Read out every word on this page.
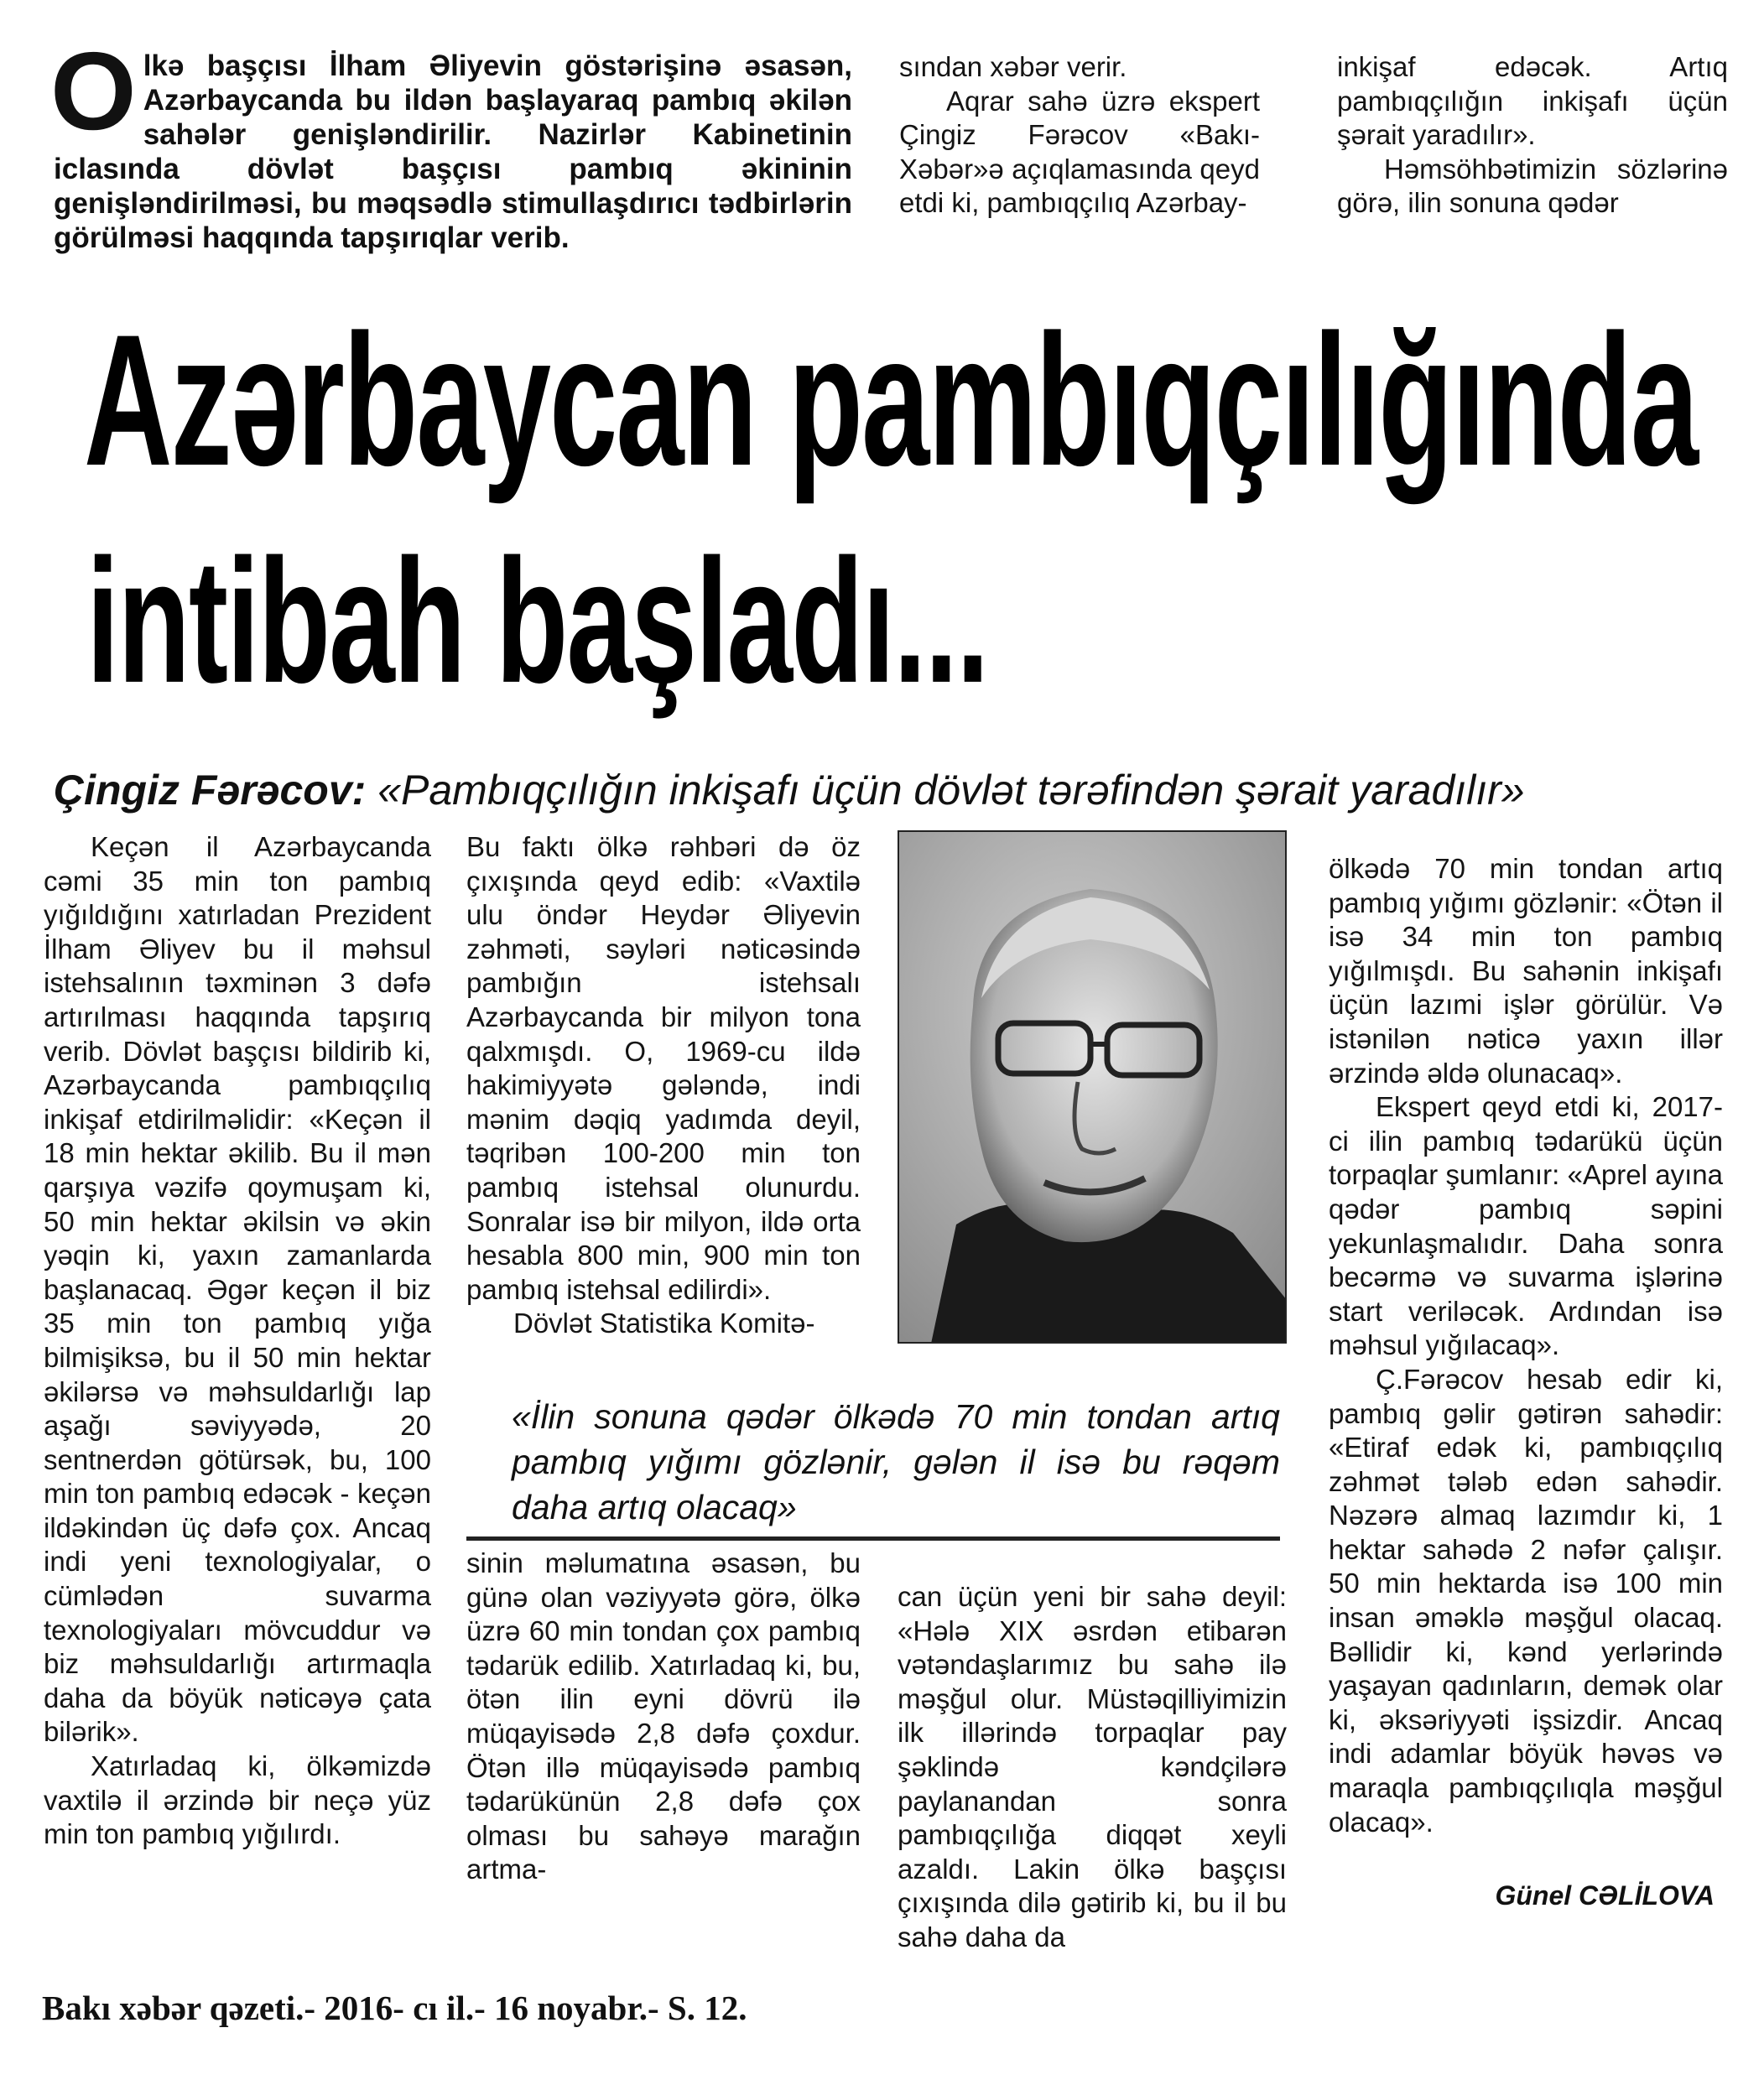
Olkə başçısı İlham Əliyevin göstərişinə əsasən, Azərbaycanda bu ildən başlayaraq pambıq əkilən sahələr genişləndirilir. Nazirlər Kabinetinin iclasında dövlət başçısı pambıq əkininin genişləndirilməsi, bu məqsədlə stimullaşdırıcı tədbirlərin görülməsi haqqında tapşırıqlar verib.

sından xəbər verir.

Aqrar sahə üzrə ekspert Çingiz Fərəcov «Bakı-Xəbər»ə açıqlamasında qeyd etdi ki, pambıqçılıq Azərbay-

inkişaf edəcək. Artıq pambıqçılığın inkişafı üçün şərait yaradılır».

Həmsöhbətimizin sözlərinə görə, ilin sonuna qədər

Azərbaycan pambıqçılığında
intibah başladı...
Çingiz Fərəcov: «Pambıqçılığın inkişafı üçün dövlət tərəfindən şərait yaradılır»

Keçən il Azərbaycanda cəmi 35 min ton pambıq yığıldığını xatırladan Prezident İlham Əliyev bu il məhsul istehsalının təxminən 3 dəfə artırılması haqqında tapşırıq verib. Dövlət başçısı bildirib ki, Azərbaycanda pambıqçılıq inkişaf etdirilməlidir: «Keçən il 18 min hektar əkilib. Bu il mən qarşıya vəzifə qoymuşam ki, 50 min hektar əkilsin və əkin yəqin ki, yaxın zamanlarda başlanacaq. Əgər keçən il biz 35 min ton pambıq yığa bilmişiksə, bu il 50 min hektar əkilərsə və məhsuldarlığı lap aşağı səviyyədə, 20 sentnerdən götürsək, bu, 100 min ton pambıq edəcək - keçən ildəkindən üç dəfə çox. Ancaq indi yeni texnologiyalar, o cümlədən suvarma texnologiyaları mövcuddur və biz məhsuldarlığı artırmaqla daha da böyük nəticəyə çata bilərik».

Xatırladaq ki, ölkəmizdə vaxtilə il ərzində bir neçə yüz min ton pambıq yığılırdı.

Bu faktı ölkə rəhbəri də öz çıxışında qeyd edib: «Vaxtilə ulu öndər Heydər Əliyevin zəhməti, səyləri nəticəsində pambığın istehsalı Azərbaycanda bir milyon tona qalxmışdı. O, 1969-cu ildə hakimiyyətə gələndə, indi mənim dəqiq yadımda deyil, təqribən 100-200 min ton pambıq istehsal olunurdu. Sonralar isə bir milyon, ildə orta hesabla 800 min, 900 min ton pambıq istehsal edilirdi».

Dövlət Statistika Komitə-

«İlin sonuna qədər ölkədə 70 min tondan artıq pambıq yığımı gözlənir, gələn il isə bu rəqəm daha artıq olacaq»

sinin məlumatına əsasən, bu günə olan vəziyyətə görə, ölkə üzrə 60 min tondan çox pambıq tədarük edilib. Xatırladaq ki, bu, ötən ilin eyni dövrü ilə müqayisədə 2,8 dəfə çoxdur. Ötən illə müqayisədə pambıq tədarükünün 2,8 dəfə çox olması bu sahəyə marağın artma-

can üçün yeni bir sahə deyil: «Hələ XIX əsrdən etibarən vətəndaşlarımız bu sahə ilə məşğul olur. Müstəqilliyimizin ilk illərində torpaqlar pay şəklində kəndçilərə paylanandan sonra pambıqçılığa diqqət xeyli azaldı. Lakin ölkə başçısı çıxışında dilə gətirib ki, bu il bu sahə daha da

ölkədə 70 min tondan artıq pambıq yığımı gözlənir: «Ötən il isə 34 min ton pambıq yığılmışdı. Bu sahənin inkişafı üçün lazımi işlər görülür. Və istənilən nəticə yaxın illər ərzində əldə olunacaq».

Ekspert qeyd etdi ki, 2017-ci ilin pambıq tədarükü üçün torpaqlar şumlanır: «Aprel ayına qədər pambıq səpini yekunlaşmalıdır. Daha sonra becərmə və suvarma işlərinə start veriləcək. Ardından isə məhsul yığılacaq».

Ç.Fərəcov hesab edir ki, pambıq gəlir gətirən sahədir: «Etiraf edək ki, pambıqçılıq zəhmət tələb edən sahədir. Nəzərə almaq lazımdır ki, 1 hektar sahədə 2 nəfər çalışır. 50 min hektarda isə 100 min insan əməklə məşğul olacaq. Bəllidir ki, kənd yerlərində yaşayan qadınların, demək olar ki, əksəriyyəti işsizdir. Ancaq indi adamlar böyük həvəs və maraqla pambıqçılıqla məşğul olacaq».

Günel CƏLİLOVA
Bakı xəbər qəzeti.- 2016- cı il.- 16 noyabr.- S. 12.
